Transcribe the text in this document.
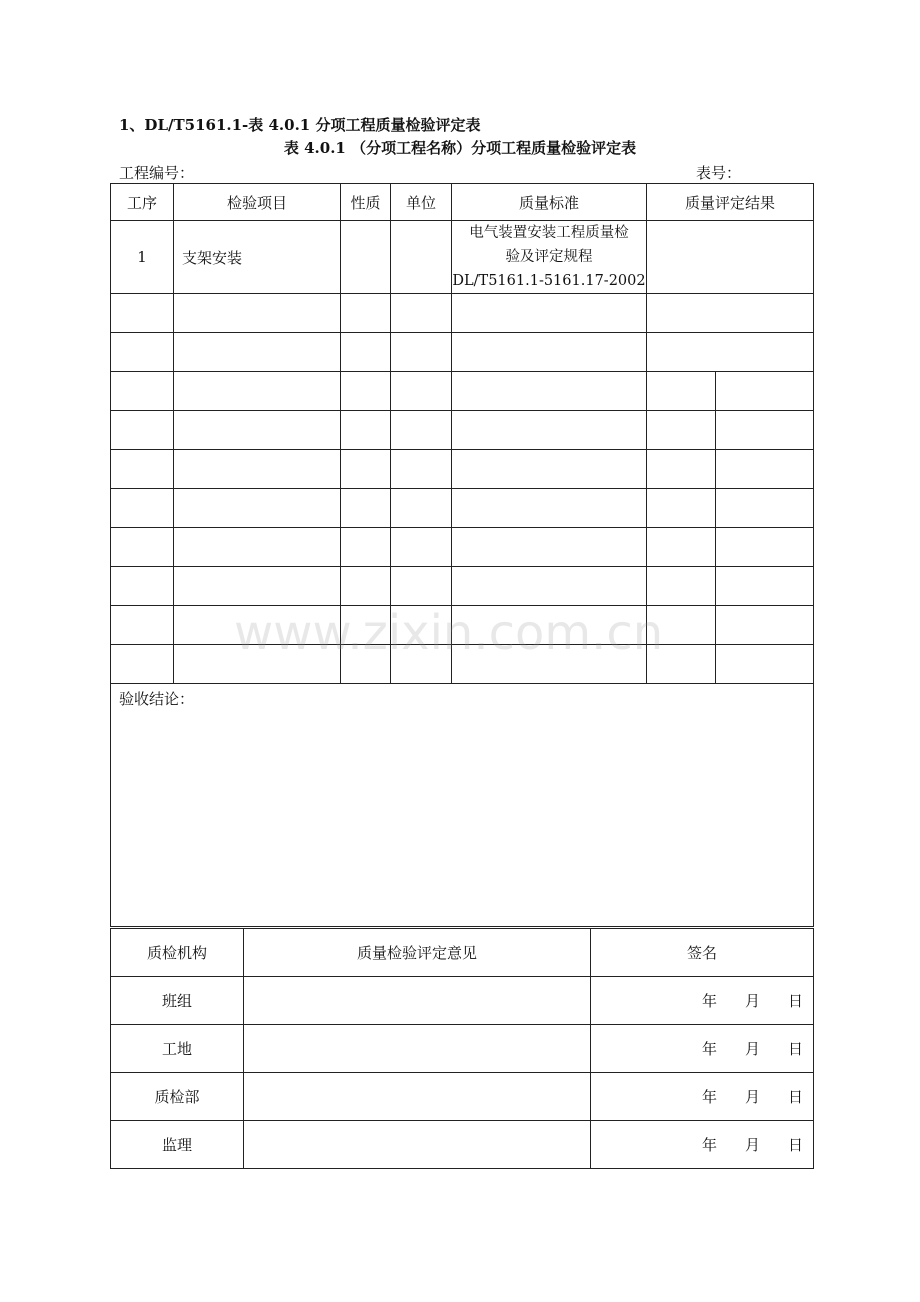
1、DL/T5161.1-表 4.0.1 分项工程质量检验评定表
表 4.0.1 （分项工程名称）分项工程质量检验评定表
工程编号：	表号：
工序	检验项目	性质	单位	质量标准	质量评定结果	
1	支架安装			电气装置安装工程质量检
验及评定规程
DL/T5161.1-5161.17-2002		

验收结论：						
质检机构	质量检验评定意见	签名
班组		年 月 日
工地		年 月 日
质检部		年 月 日
监理		年 月 日
www.zixin.com.cn
